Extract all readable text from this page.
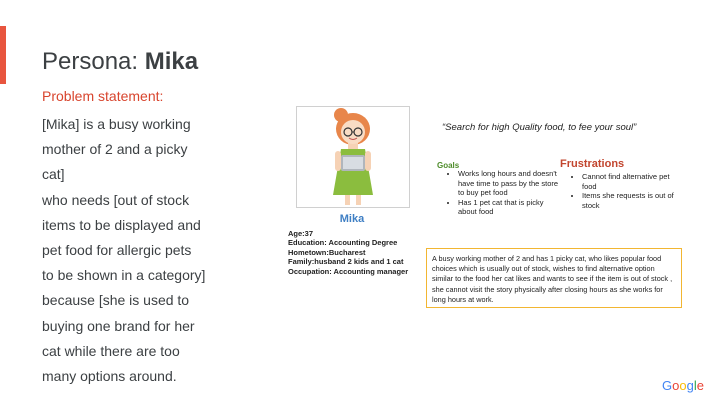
Persona: Mika
Problem statement:
[Mika] is a busy working
mother of 2 and a picky
cat]
who needs [out of stock
items to be displayed and
pet food for allergic pets
to be shown in a category]
because [she is used to
buying one brand for her
cat while there are too
many options around.
Mika
Age:37
Education: Accounting Degree
Hometown:Bucharest
Family:husband 2 kids and 1 cat
Occupation: Accounting manager
“Search for high Quality food, to fee your soul”
Goals
• Works long hours and doesn't have time to pass by the store to buy pet food
• Has 1 pet cat that is picky about food
Frustrations
• Cannot find alternative pet food
• Items she requests is out of stock
A busy working mother of 2 and has 1 picky cat, who likes popular food choices which is usually out of stock, wishes to find alternative option similar to the food her cat likes and wants to see if the item is out of stock , she cannot visit the story physically after closing hours as she works for long hours at work.
Google
